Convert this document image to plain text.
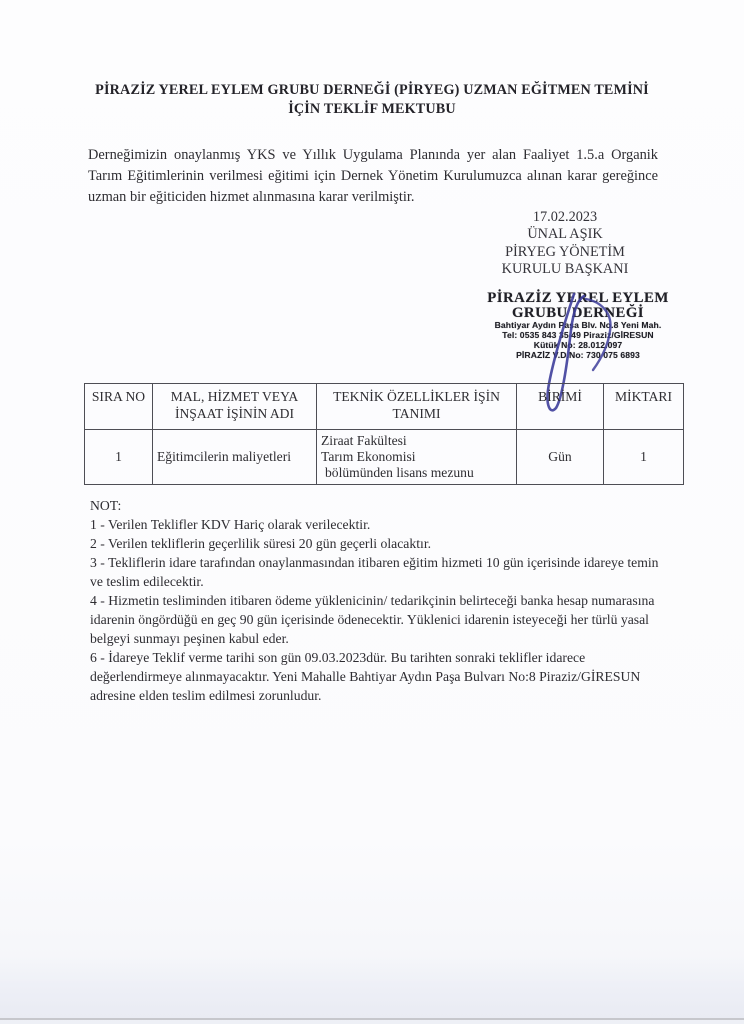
PİRAZİZ YEREL EYLEM GRUBU DERNEĞİ (PİRYEG) UZMAN EĞİTMEN TEMİNİ
İÇİN TEKLİF MEKTUBU

Derneğimizin onaylanmış YKS ve Yıllık Uygulama Planında yer alan Faaliyet 1.5.a Organik Tarım Eğitimlerinin verilmesi eğitimi için Dernek Yönetim Kurulumuzca alınan karar gereğince uzman bir eğiticiden hizmet alınmasına karar verilmiştir.

17.02.2023
ÜNAL AŞIK
PİRYEG YÖNETİM
KURULU BAŞKANI
PİRAZİZ YEREL EYLEM
GRUBU DERNEĞİ
Bahtiyar Aydın Paşa Blv. No.8 Yeni Mah.
Tel: 0535 843 35 49 Piraziz/GİRESUN
Kütük No: 28.012.097
PİRAZİZ V.D.No: 730 075 6893
SIRA NO	MAL, HİZMET VEYA İNŞAAT İŞİNİN ADI	TEKNİK ÖZELLİKLER İŞİN TANIMI	BİRİMİ	MİKTARI
1	Eğitimcilerin maliyetleri	Ziraat Fakültesi
Tarım Ekonomisi
bölümünden lisans mezunu	Gün	1
NOT:

1 - Verilen Teklifler KDV Hariç olarak verilecektir.

2 - Verilen tekliflerin geçerlilik süresi 20 gün geçerli olacaktır.

3 - Tekliflerin idare tarafından onaylanmasından itibaren eğitim hizmeti 10 gün içerisinde idareye temin ve teslim edilecektir.

4 - Hizmetin tesliminden itibaren ödeme yüklenicinin/ tedarikçinin belirteceği banka hesap numarasına idarenin öngördüğü en geç 90 gün içerisinde ödenecektir. Yüklenici idarenin isteyeceği her türlü yasal belgeyi sunmayı peşinen kabul eder.

6 - İdareye Teklif verme tarihi son gün 09.03.2023dür. Bu tarihten sonraki teklifler idarece değerlendirmeye alınmayacaktır. Yeni Mahalle Bahtiyar Aydın Paşa Bulvarı No:8 Piraziz/GİRESUN adresine elden teslim edilmesi zorunludur.
